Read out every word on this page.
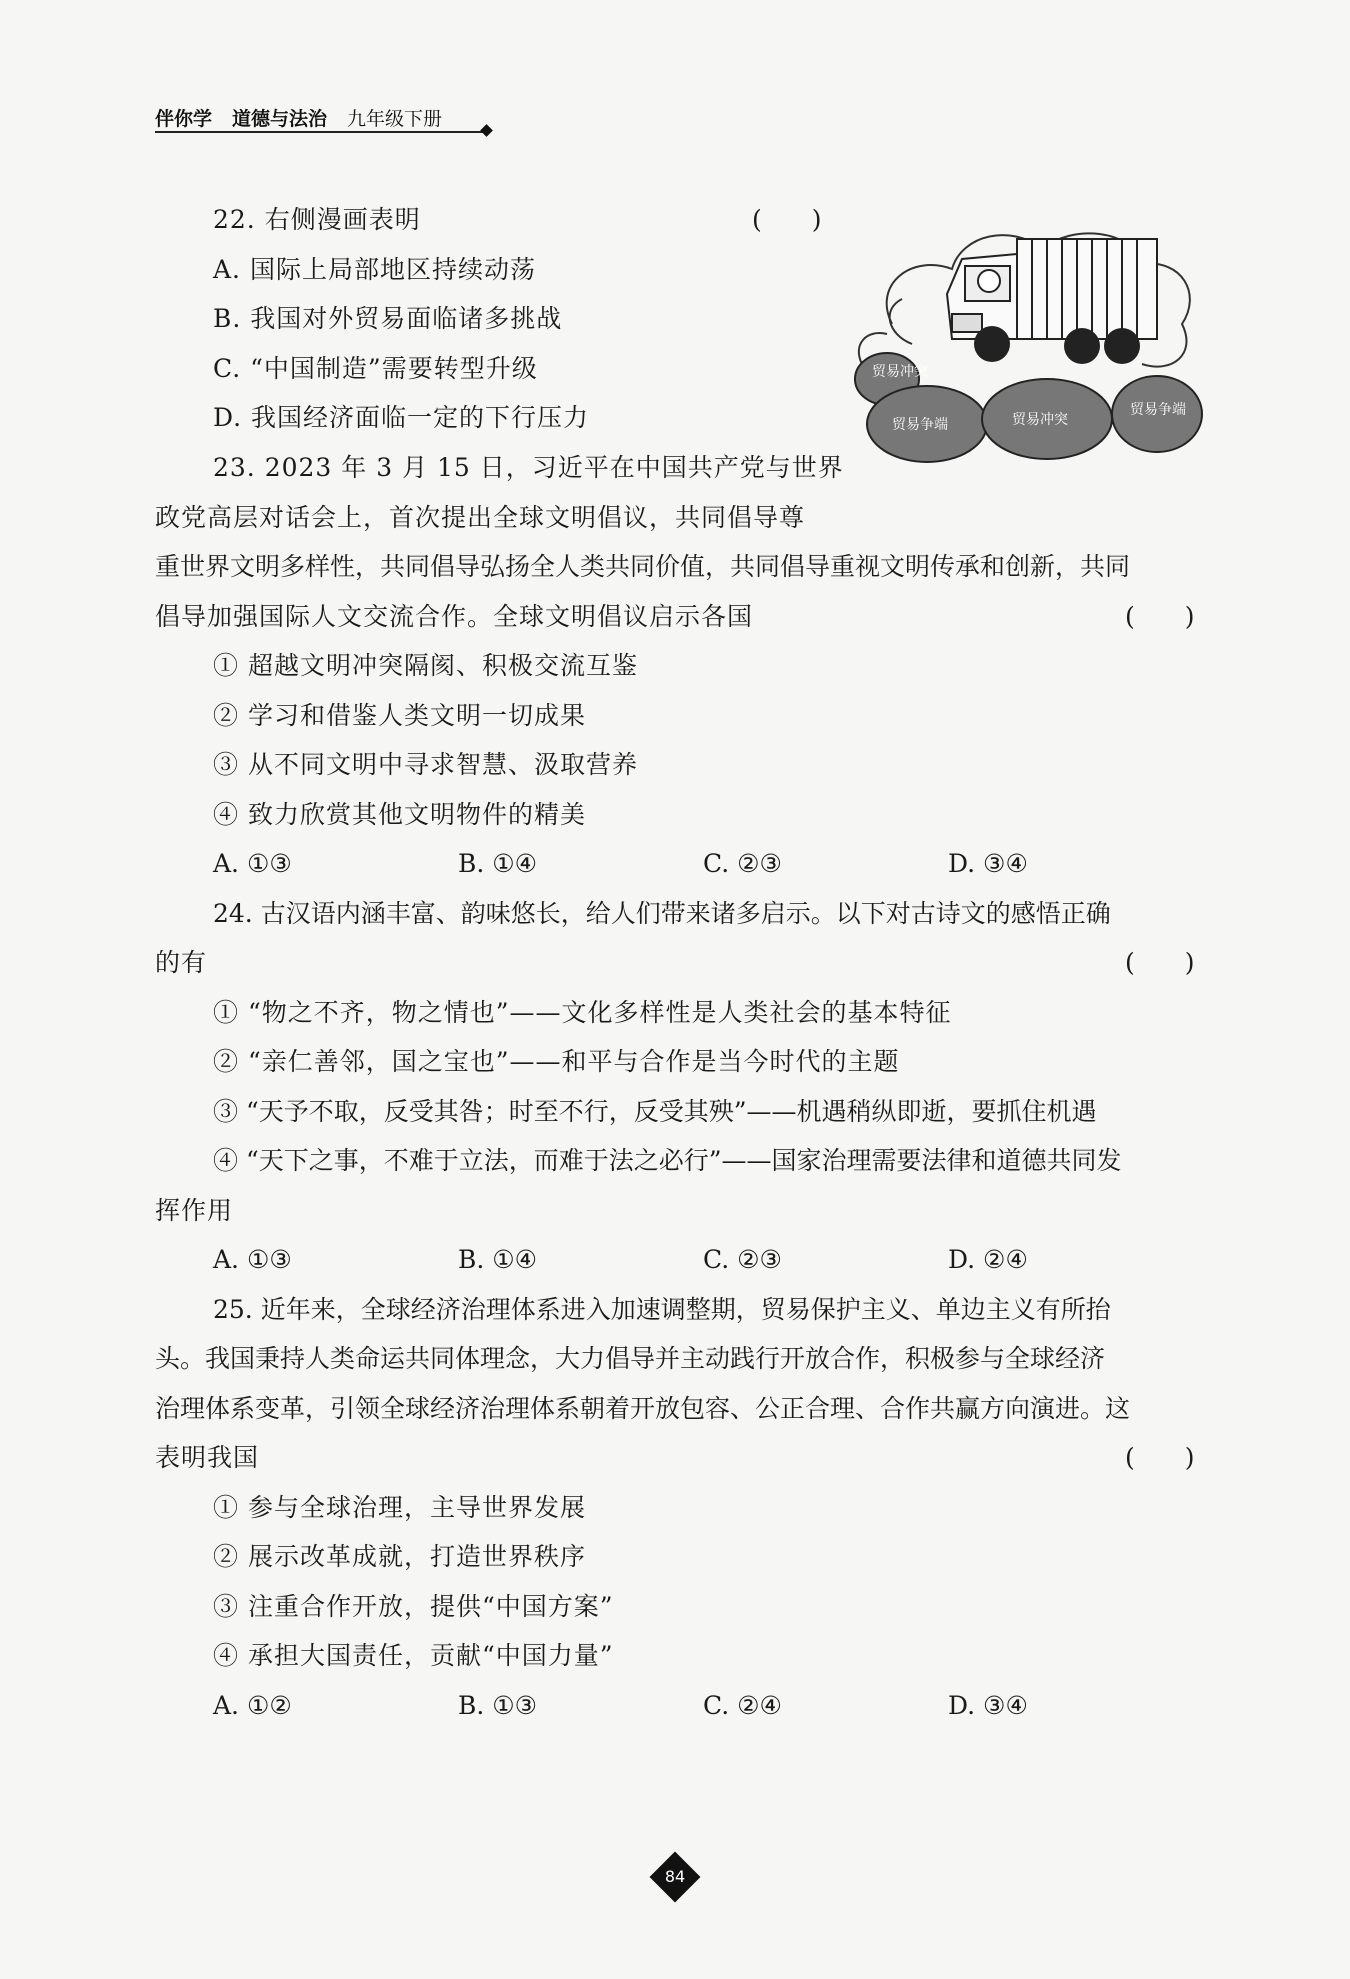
伴你学 道德与法治 九年级下册
22. 右侧漫画表明	(　　)
A. 国际上局部地区持续动荡
B. 我国对外贸易面临诸多挑战
C. “中国制造”需要转型升级
D. 我国经济面临一定的下行压力
贸易冲突
贸易争端	贸易冲突
贸易争端
23. 2023 年 3 月 15 日，习近平在中国共产党与世界
政党高层对话会上，首次提出全球文明倡议，共同倡导尊
重世界文明多样性，共同倡导弘扬全人类共同价值，共同倡导重视文明传承和创新，共同
倡导加强国际人文交流合作。全球文明倡议启示各国	(　　)
① 超越文明冲突隔阂、积极交流互鉴
② 学习和借鉴人类文明一切成果
③ 从不同文明中寻求智慧、汲取营养
④ 致力欣赏其他文明物件的精美
A. ①③	B. ①④	C. ②③	D. ③④
24. 古汉语内涵丰富、韵味悠长，给人们带来诸多启示。以下对古诗文的感悟正确
的有	(　　)
① “物之不齐，物之情也”——文化多样性是人类社会的基本特征
② “亲仁善邻，国之宝也”——和平与合作是当今时代的主题
③ “天予不取，反受其咎；时至不行，反受其殃”——机遇稍纵即逝，要抓住机遇
④ “天下之事，不难于立法，而难于法之必行”——国家治理需要法律和道德共同发
挥作用
A. ①③	B. ①④	C. ②③	D. ②④
25. 近年来，全球经济治理体系进入加速调整期，贸易保护主义、单边主义有所抬
头。我国秉持人类命运共同体理念，大力倡导并主动践行开放合作，积极参与全球经济
治理体系变革，引领全球经济治理体系朝着开放包容、公正合理、合作共赢方向演进。这
表明我国	(　　)
① 参与全球治理，主导世界发展
② 展示改革成就，打造世界秩序
③ 注重合作开放，提供“中国方案”
④ 承担大国责任，贡献“中国力量”
A. ①②	B. ①③	C. ②④	D. ③④
84
